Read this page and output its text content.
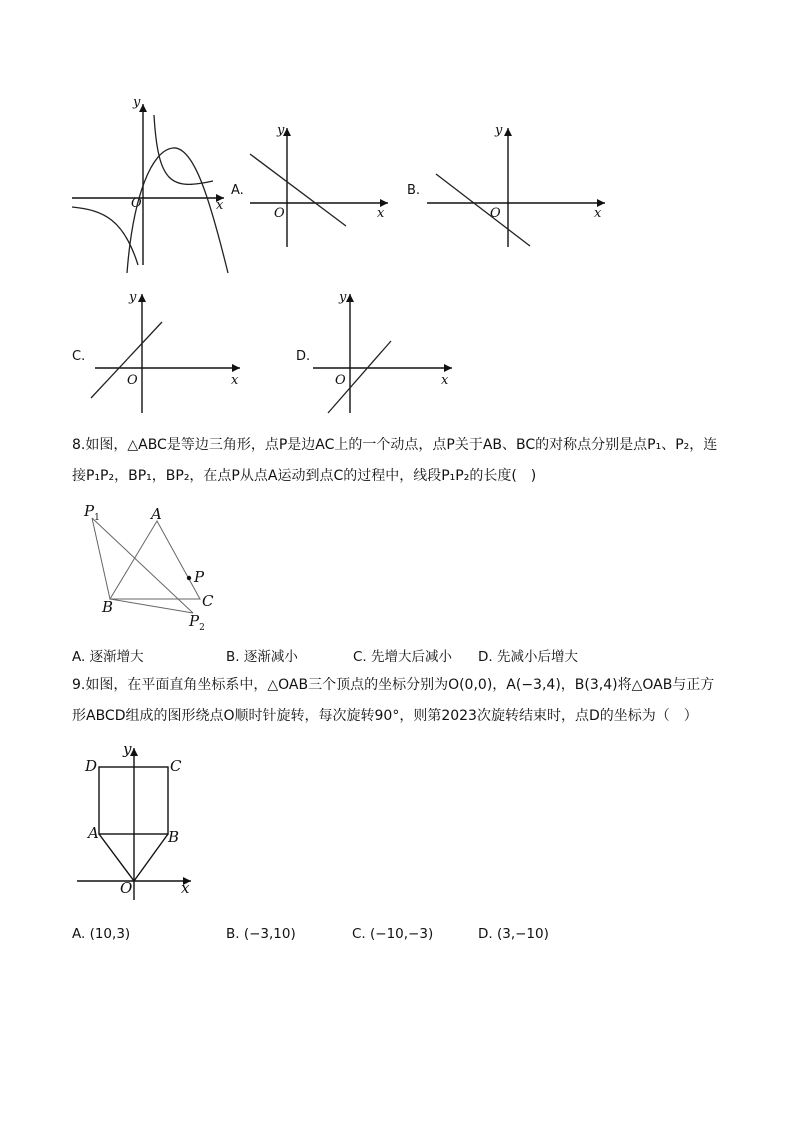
y
x
O
A.
y
x
O
B.
y
x
O
C.
y
x
O
D.
y
x
O
$P_1$	A
P
B	C
$P_2$
y
x
D	C
A	B
O
8.如图，△ABC是等边三角形，点P是边AC上的一个动点，点P关于AB、BC的对称点分别是点P₁、P₂，连
接P₁P₂，BP₁，BP₂，在点P从点A运动到点C的过程中，线段P₁P₂的长度(　)
A. 逐渐增大	B. 逐渐减小	C. 先增大后减小 D. 先减小后增大
9.如图，在平面直角坐标系中，△OAB三个顶点的坐标分别为O(0,0)，A(−3,4)，B(3,4)将△OAB与正方
形ABCD组成的图形绕点O顺时针旋转，每次旋转90°，则第2023次旋转结束时，点D的坐标为（　）
A. (10,3)	B. (−3,10)	C. (−10,−3)	D. (3,−10)
